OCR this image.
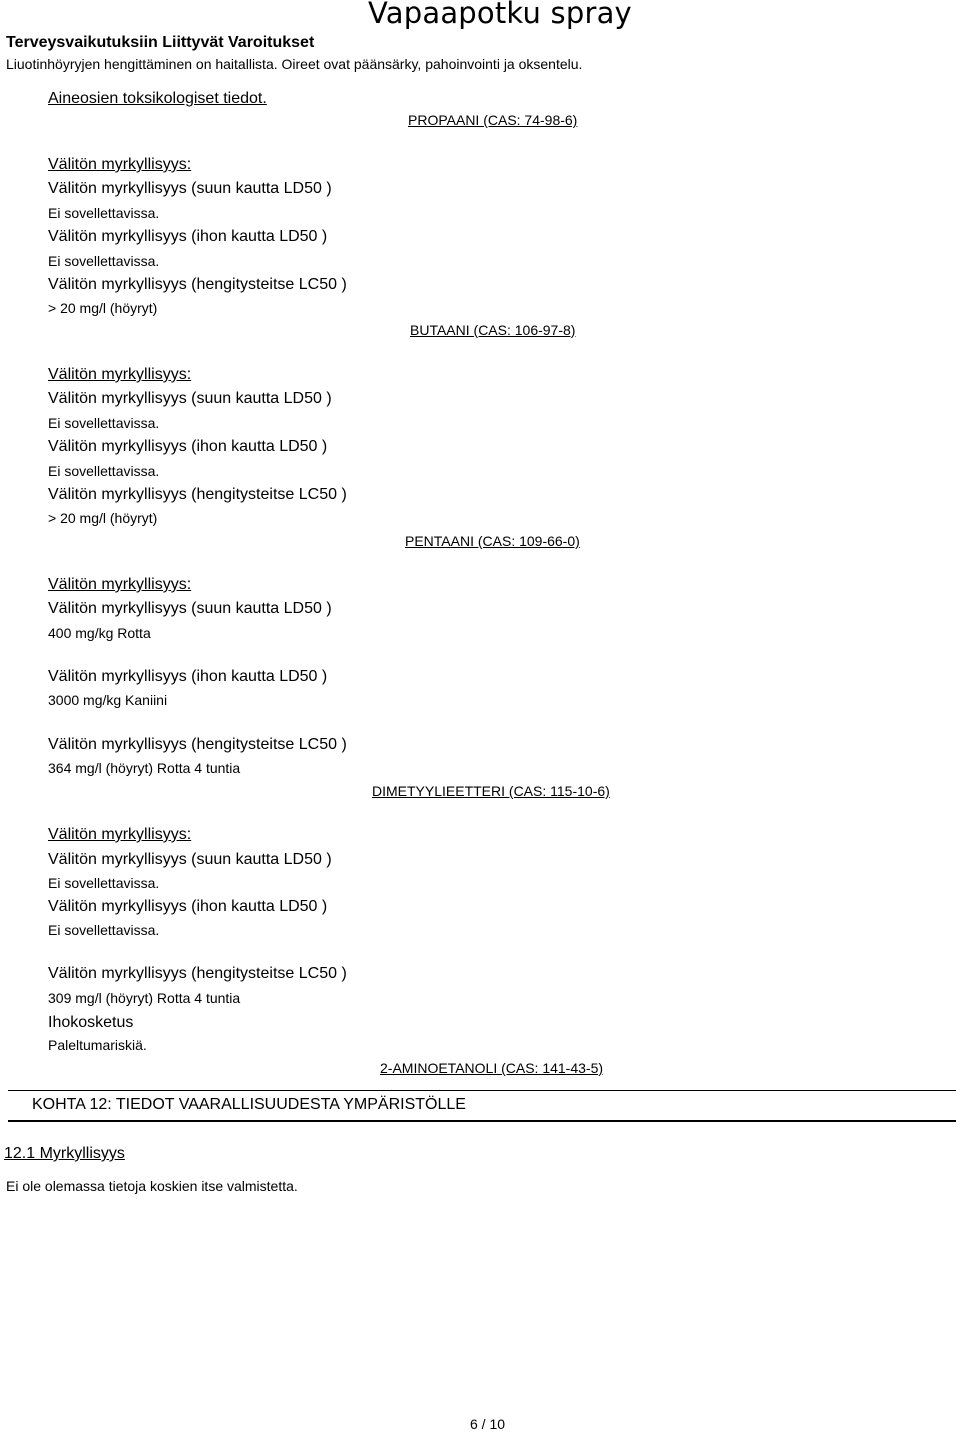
Vapaapotku spray
Terveysvaikutuksiin Liittyvät Varoitukset
Liuotinhöyryjen hengittäminen on haitallista. Oireet ovat päänsärky, pahoinvointi ja oksentelu.
Aineosien toksikologiset tiedot.
PROPAANI (CAS: 74-98-6)
Välitön myrkyllisyys:
Välitön myrkyllisyys (suun kautta LD50 )
Ei sovellettavissa.
Välitön myrkyllisyys (ihon kautta LD50 )
Ei sovellettavissa.
Välitön myrkyllisyys (hengitysteitse LC50 )
> 20 mg/l (höyryt)
BUTAANI (CAS: 106-97-8)
Välitön myrkyllisyys:
Välitön myrkyllisyys (suun kautta LD50 )
Ei sovellettavissa.
Välitön myrkyllisyys (ihon kautta LD50 )
Ei sovellettavissa.
Välitön myrkyllisyys (hengitysteitse LC50 )
> 20 mg/l (höyryt)
PENTAANI (CAS: 109-66-0)
Välitön myrkyllisyys:
Välitön myrkyllisyys (suun kautta LD50 )
400 mg/kg Rotta
Välitön myrkyllisyys (ihon kautta LD50 )
3000 mg/kg Kaniini
Välitön myrkyllisyys (hengitysteitse LC50 )
364 mg/l (höyryt) Rotta 4 tuntia
DIMETYYLIEETTERI (CAS: 115-10-6)
Välitön myrkyllisyys:
Välitön myrkyllisyys (suun kautta LD50 )
Ei sovellettavissa.
Välitön myrkyllisyys (ihon kautta LD50 )
Ei sovellettavissa.
Välitön myrkyllisyys (hengitysteitse LC50 )
309 mg/l (höyryt) Rotta 4 tuntia
Ihokosketus
Paleltumariskiä.
2-AMINOETANOLI (CAS: 141-43-5)
KOHTA 12: TIEDOT VAARALLISUUDESTA YMPÄRISTÖLLE
12.1 Myrkyllisyys
Ei ole olemassa tietoja koskien itse valmistetta.
6 / 10
